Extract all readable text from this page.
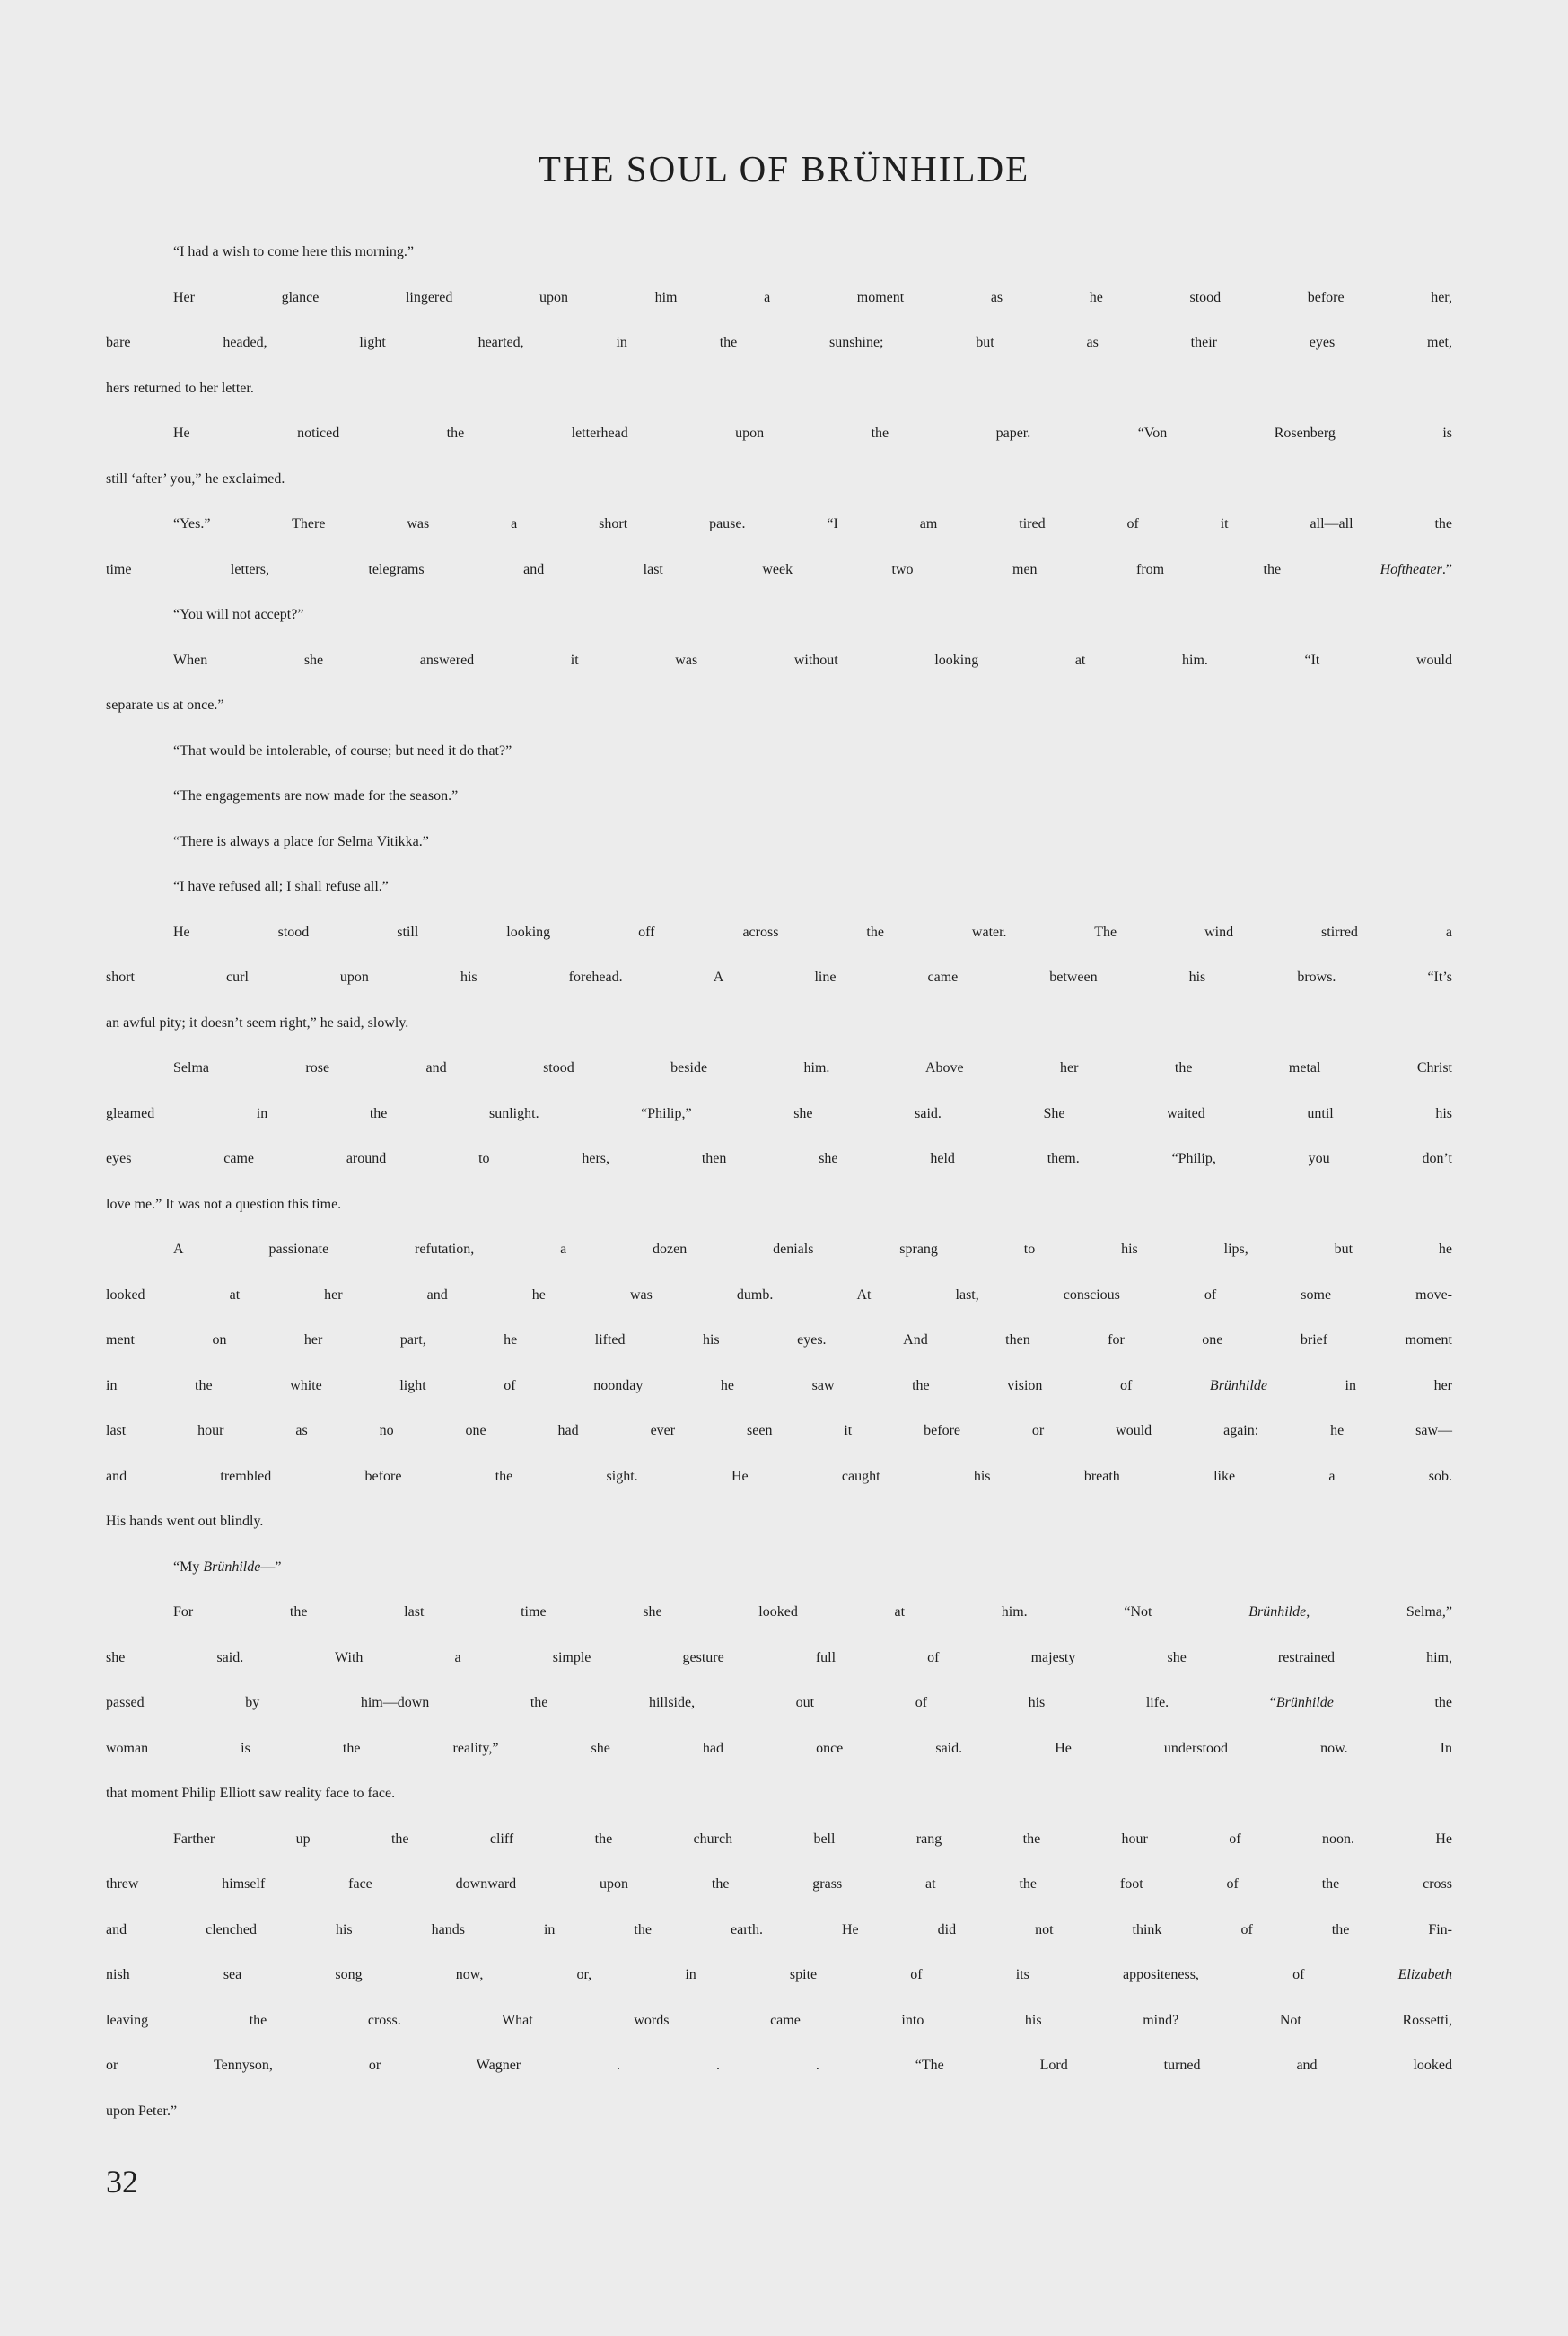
THE SOUL OF BRÜNHILDE
“I had a wish to come here this morning.”
Her glance lingered upon him a moment as he stood before her,
bare headed, light hearted, in the sunshine; but as their eyes met,
hers returned to her letter.
He noticed the letterhead upon the paper. “Von Rosenberg is
still ‘after’ you,” he exclaimed.
“Yes.” There was a short pause. “I am tired of it all—all the
time letters, telegrams and last week two men from the Hoftheater.”
“You will not accept?”
When she answered it was without looking at him. “It would
separate us at once.”
“That would be intolerable, of course; but need it do that?”
“The engagements are now made for the season.”
“There is always a place for Selma Vitikka.”
“I have refused all; I shall refuse all.”
He stood still looking off across the water. The wind stirred a
short curl upon his forehead. A line came between his brows. “It’s
an awful pity; it doesn’t seem right,” he said, slowly.
Selma rose and stood beside him. Above her the metal Christ
gleamed in the sunlight. “Philip,” she said. She waited until his
eyes came around to hers, then she held them. “Philip, you don’t
love me.” It was not a question this time.
A passionate refutation, a dozen denials sprang to his lips, but he
looked at her and he was dumb. At last, conscious of some move-
ment on her part, he lifted his eyes. And then for one brief moment
in the white light of noonday he saw the vision of Brünhilde in her
last hour as no one had ever seen it before or would again: he saw—
and trembled before the sight. He caught his breath like a sob.
His hands went out blindly.
“My Brünhilde—”
For the last time she looked at him. “Not Brünhilde, Selma,”
she said. With a simple gesture full of majesty she restrained him,
passed by him—down the hillside, out of his life. “Brünhilde the
woman is the reality,” she had once said. He understood now. In
that moment Philip Elliott saw reality face to face.
Farther up the cliff the church bell rang the hour of noon. He
threw himself face downward upon the grass at the foot of the cross
and clenched his hands in the earth. He did not think of the Fin-
nish sea song now, or, in spite of its appositeness, of Elizabeth
leaving the cross. What words came into his mind? Not Rossetti,
or Tennyson, or Wagner . . . “The Lord turned and looked
upon Peter.”
32
